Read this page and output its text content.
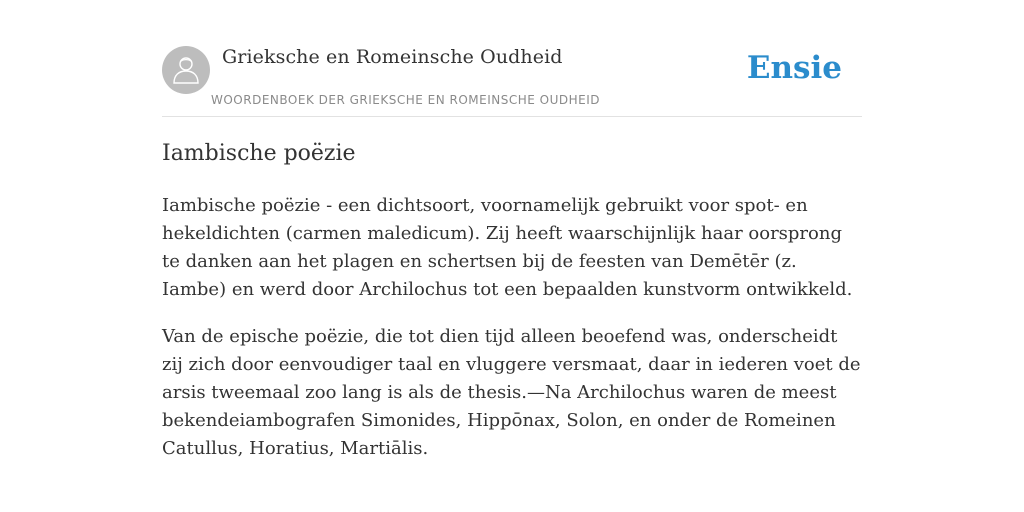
Grieksche en Romeinsche Oudheid
WOORDENBOEK DER GRIEKSCHE EN ROMEINSCHE OUDHEID
Ensie
Iambische poëzie

Iambische poëzie - een dichtsoort, voornamelijk gebruikt voor spot- en hekeldichten (carmen maledicum). Zij heeft waarschijnlijk haar oorsprong te danken aan het plagen en schertsen bij de feesten van Demētēr (z. Iambe) en werd door Archilochus tot een bepaalden kunstvorm ontwikkeld.

Van de epische poëzie, die tot dien tijd alleen beoefend was, onderscheidt zij zich door eenvoudiger taal en vluggere versmaat, daar in iederen voet de arsis tweemaal zoo lang is als de thesis.—Na Archilochus waren de meest bekendeiambografen Simonides, Hippōnax, Solon, en onder de Romeinen Catullus, Horatius, Martiālis.
